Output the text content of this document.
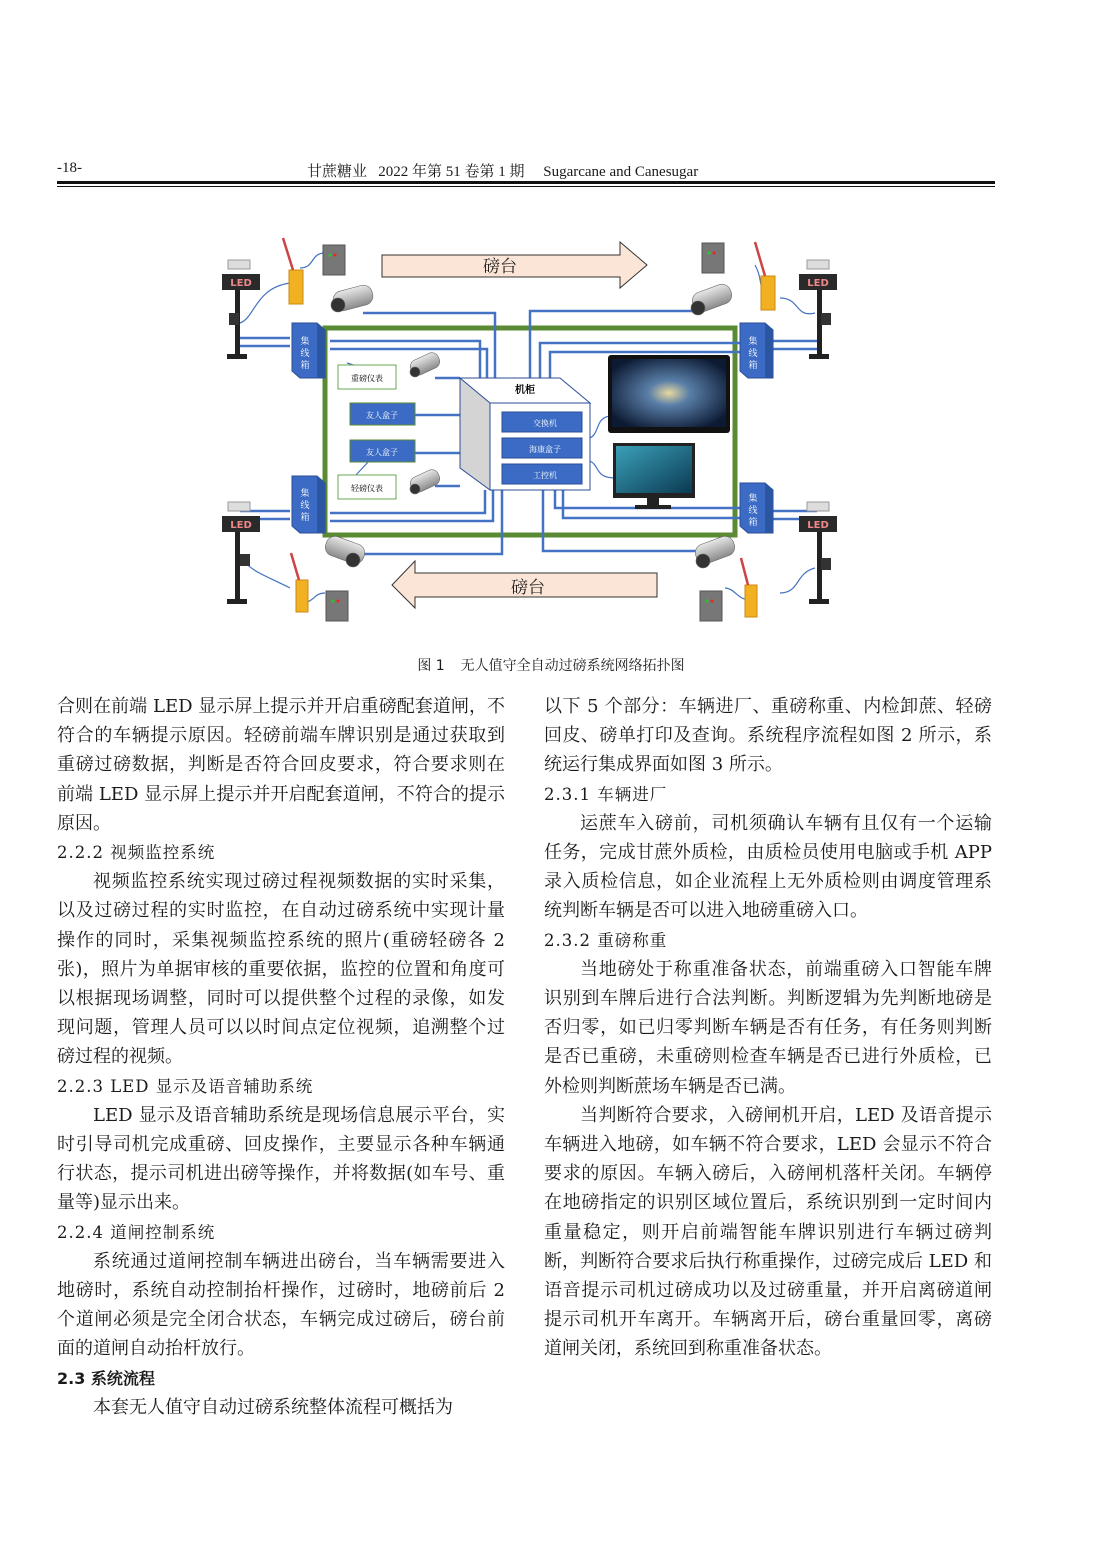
-18-	甘蔗糖业   2022 年第 51 卷第 1 期     Sugarcane and Canesugar
磅台
磅台
集
线
箱
集
线
箱
集
线
箱
集
线
箱
机柜
交换机
海康盒子
工控机
重磅仪表
友人盒子
友人盒子
轻磅仪表
LED	LED
LED	LED
图 1 无人值守全自动过磅系统网络拓扑图

合则在前端 LED 显示屏上提示并开启重磅配套道闸，不符合的车辆提示原因。轻磅前端车牌识别是通过获取到重磅过磅数据，判断是否符合回皮要求，符合要求则在前端 LED 显示屏上提示并开启配套道闸，不符合的提示原因。

2.2.2 视频监控系统

视频监控系统实现过磅过程视频数据的实时采集，以及过磅过程的实时监控，在自动过磅系统中实现计量操作的同时，采集视频监控系统的照片(重磅轻磅各 2 张)，照片为单据审核的重要依据，监控的位置和角度可以根据现场调整，同时可以提供整个过程的录像，如发现问题，管理人员可以以时间点定位视频，追溯整个过磅过程的视频。

2.2.3 LED 显示及语音辅助系统

LED 显示及语音辅助系统是现场信息展示平台，实时引导司机完成重磅、回皮操作，主要显示各种车辆通行状态，提示司机进出磅等操作，并将数据(如车号、重量等)显示出来。

2.2.4 道闸控制系统

系统通过道闸控制车辆进出磅台，当车辆需要进入地磅时，系统自动控制抬杆操作，过磅时，地磅前后 2 个道闸必须是完全闭合状态，车辆完成过磅后，磅台前面的道闸自动抬杆放行。

2.3 系统流程

本套无人值守自动过磅系统整体流程可概括为

以下 5 个部分：车辆进厂、重磅称重、内检卸蔗、轻磅回皮、磅单打印及查询。系统程序流程如图 2 所示，系统运行集成界面如图 3 所示。

2.3.1 车辆进厂

运蔗车入磅前，司机须确认车辆有且仅有一个运输任务，完成甘蔗外质检，由质检员使用电脑或手机 APP 录入质检信息，如企业流程上无外质检则由调度管理系统判断车辆是否可以进入地磅重磅入口。

2.3.2 重磅称重

当地磅处于称重准备状态，前端重磅入口智能车牌识别到车牌后进行合法判断。判断逻辑为先判断地磅是否归零，如已归零判断车辆是否有任务，有任务则判断是否已重磅，未重磅则检查车辆是否已进行外质检，已外检则判断蔗场车辆是否已满。

当判断符合要求，入磅闸机开启，LED 及语音提示车辆进入地磅，如车辆不符合要求，LED 会显示不符合要求的原因。车辆入磅后，入磅闸机落杆关闭。车辆停在地磅指定的识别区域位置后，系统识别到一定时间内重量稳定，则开启前端智能车牌识别进行车辆过磅判断，判断符合要求后执行称重操作，过磅完成后 LED 和语音提示司机过磅成功以及过磅重量，并开启离磅道闸提示司机开车离开。车辆离开后，磅台重量回零，离磅道闸关闭，系统回到称重准备状态。
